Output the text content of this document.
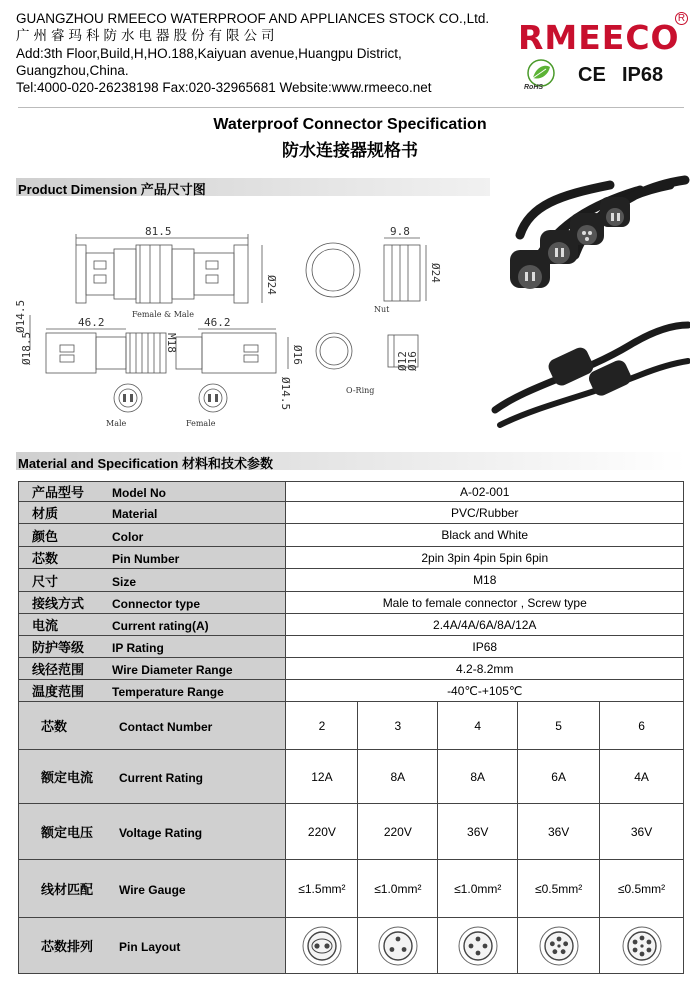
GUANGZHOU RMEECO WATERPROOF AND APPLIANCES STOCK CO.,Ltd.
广州睿玛科防水电器股份有限公司
Add:3th Floor,Build,H,HO.188,Kaiyuan avenue,Huangpu District,
Guangzhou,China.
Tel:4000-020-26238198 Fax:020-32965681 Website:www.rmeeco.net
RMEECO
R
RoHS
CE IP68
Waterproof Connector Specification
防水连接器规格书
Product Dimension 产品尺寸图
81.5
Ø24
Female & Male
9.8
Ø24
Nut
46.2	46.2
Ø14.5
Ø18.5	M18
Ø16
Ø14.5
Male	Female
O-Ring
Ø12
Ø16
Material and Specification 材料和技术参数
产品型号 Model No	A-02-001				
材质 Material	PVC/Rubber				
颜色 Color	Black and White				
芯数 Pin Number	2pin 3pin 4pin 5pin 6pin				
尺寸 Size	M18				
接线方式 Connector type	Male to female connector , Screw type				
电流 Current rating(A)	2.4A/4A/6A/8A/12A				
防护等级 IP Rating	IP68				
线径范围 Wire Diameter Range	4.2-8.2mm				
温度范围 Temperature Range	-40℃-+105℃				
芯数 Contact Number	2	3	4	5	6
额定电流 Current Rating	12A	8A	8A	6A	4A
额定电压 Voltage Rating	220V	220V	36V	36V	36V
线材匹配 Wire Gauge	≤1.5mm²	≤1.0mm²	≤1.0mm²	≤0.5mm²	≤0.5mm²
芯数排列 Pin Layout	
